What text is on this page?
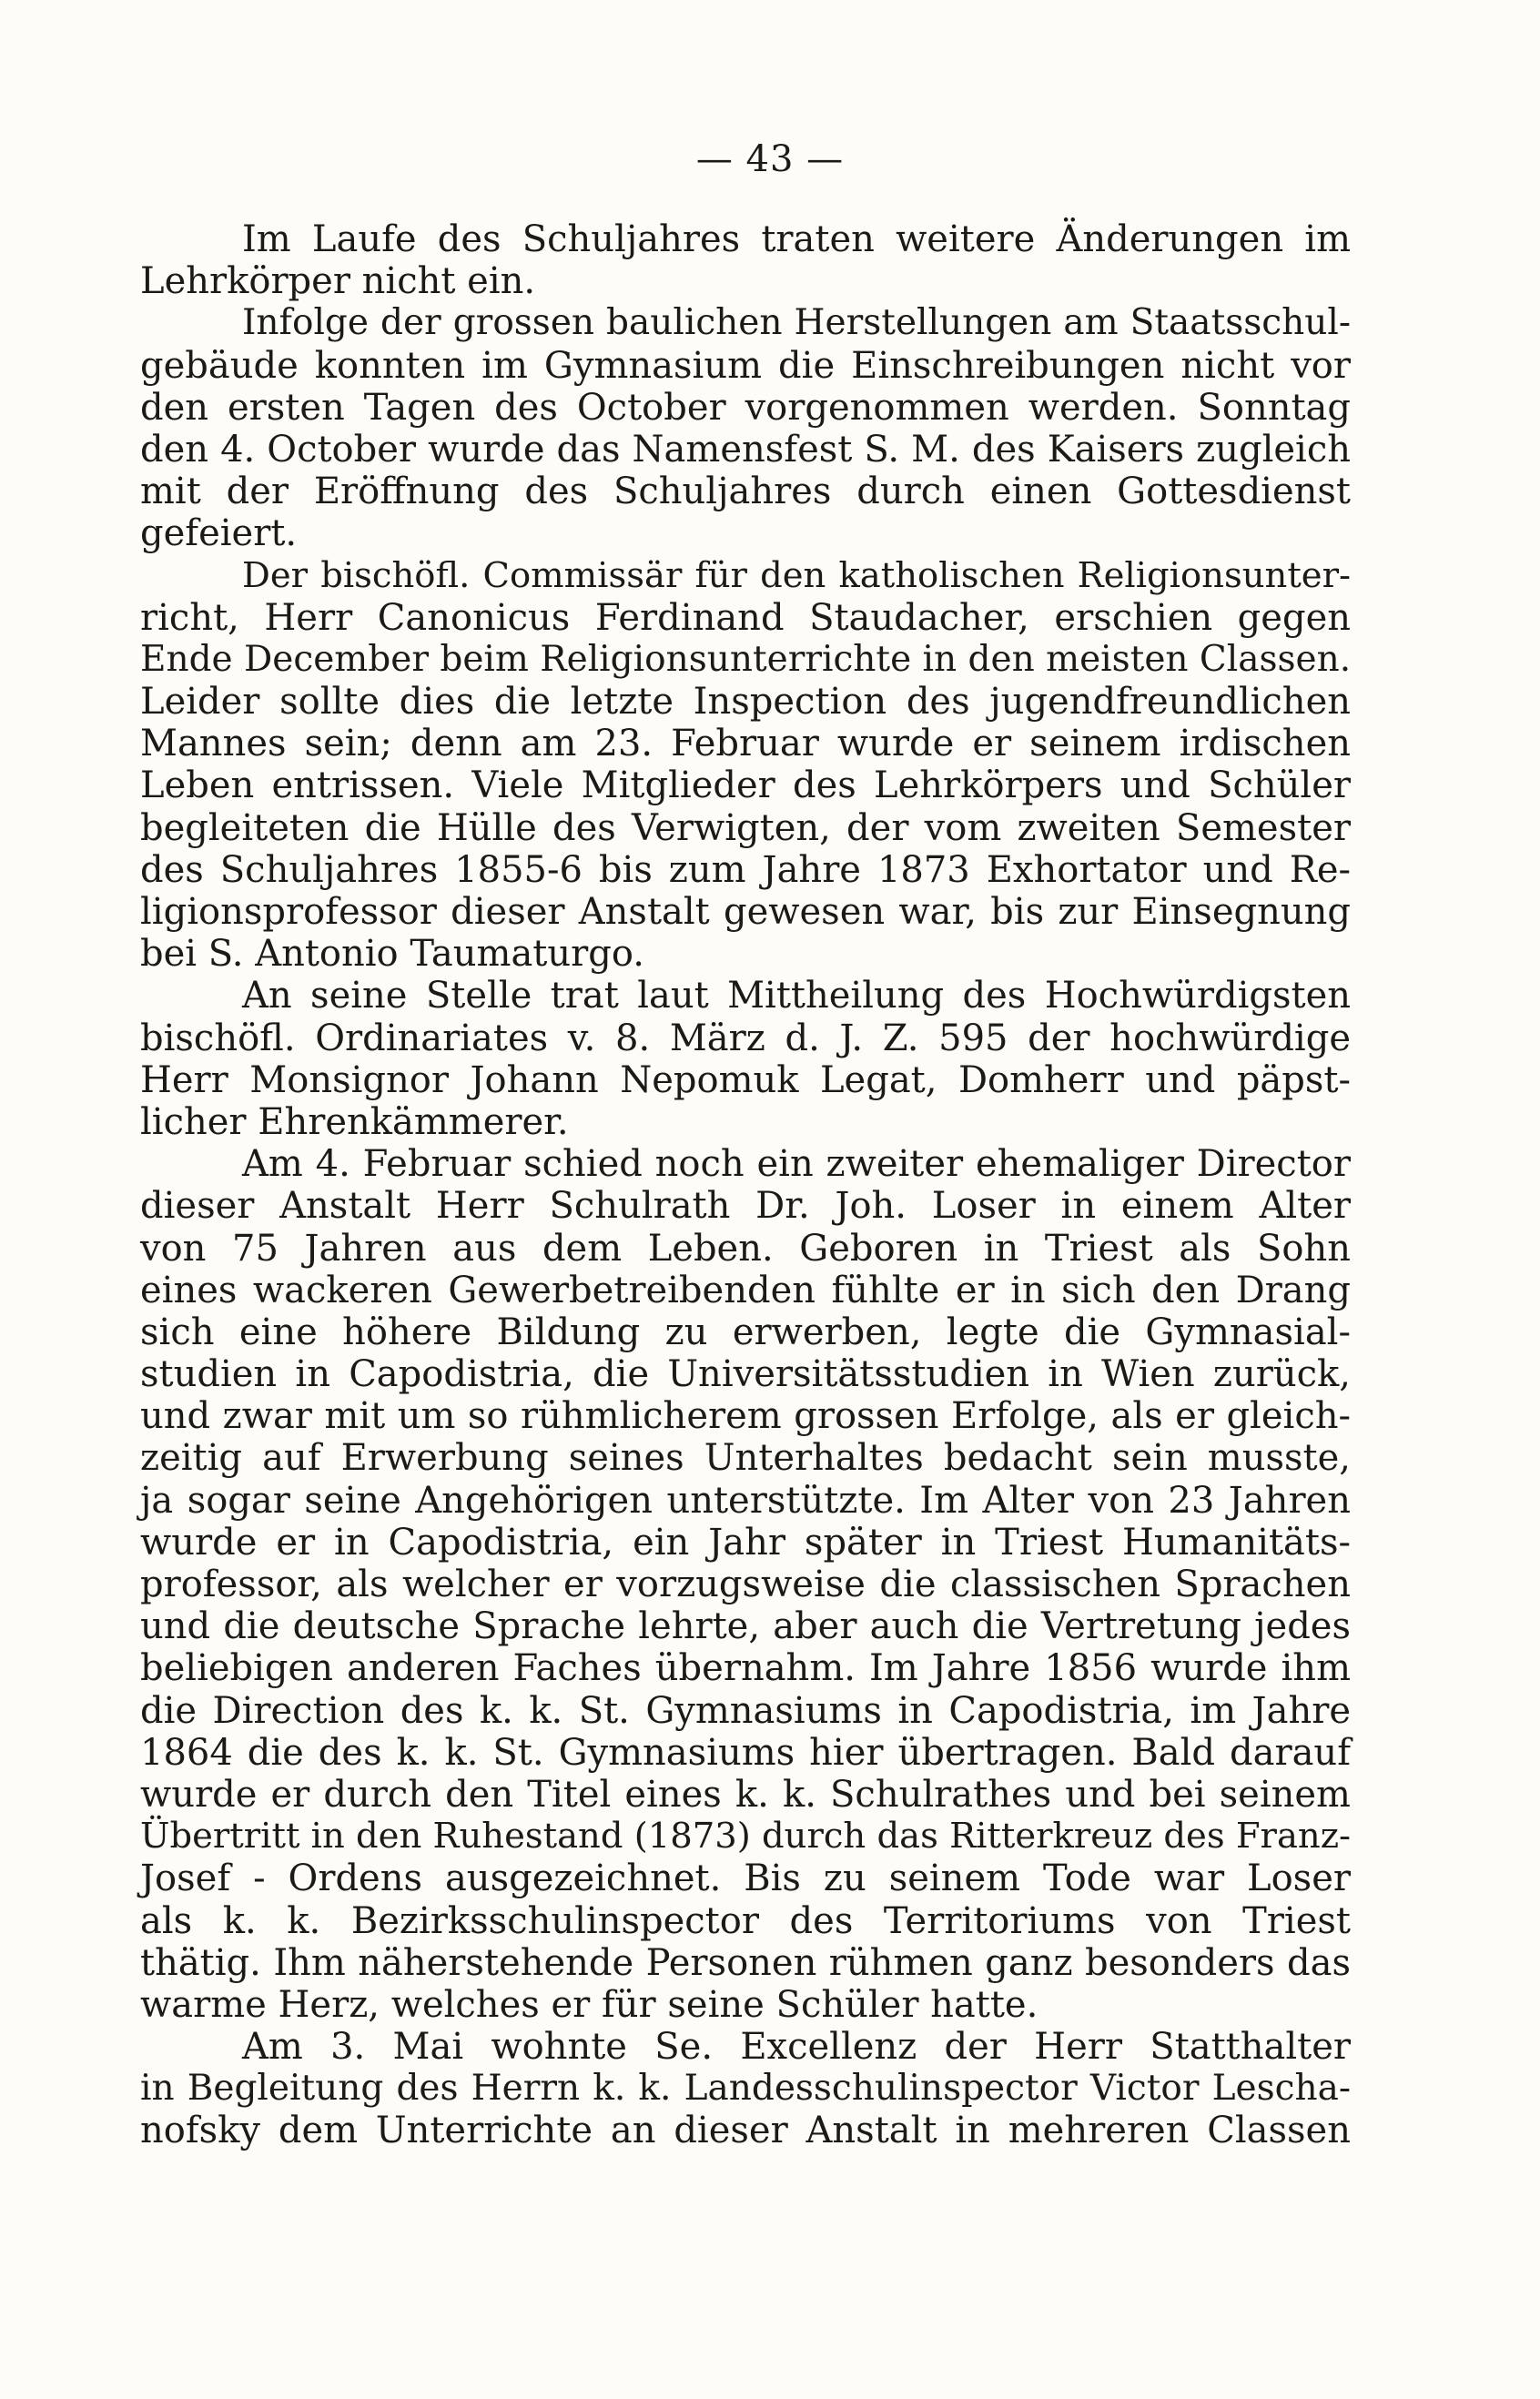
— 43 —
Im Laufe des Schuljahres traten weitere Änderungen im
Lehrkörper nicht ein.
Infolge der grossen baulichen Herstellungen am Staatsschul-
gebäude konnten im Gymnasium die Einschreibungen nicht vor
den ersten Tagen des October vorgenommen werden. Sonntag
den 4. October wurde das Namensfest S. M. des Kaisers zugleich
mit der Eröffnung des Schuljahres durch einen Gottesdienst
gefeiert.
Der bischöfl. Commissär für den katholischen Religionsunter-
richt, Herr Canonicus Ferdinand Staudacher, erschien gegen
Ende December beim Religionsunterrichte in den meisten Classen.
Leider sollte dies die letzte Inspection des jugendfreundlichen
Mannes sein; denn am 23. Februar wurde er seinem irdischen
Leben entrissen. Viele Mitglieder des Lehrkörpers und Schüler
begleiteten die Hülle des Verwigten, der vom zweiten Semester
des Schuljahres 1855-6 bis zum Jahre 1873 Exhortator und Re-
ligionsprofessor dieser Anstalt gewesen war, bis zur Einsegnung
bei S. Antonio Taumaturgo.
An seine Stelle trat laut Mittheilung des Hochwürdigsten
bischöfl. Ordinariates v. 8. März d. J. Z. 595 der hochwürdige
Herr Monsignor Johann Nepomuk Legat, Domherr und päpst-
licher Ehrenkämmerer.
Am 4. Februar schied noch ein zweiter ehemaliger Director
dieser Anstalt Herr Schulrath Dr. Joh. Loser in einem Alter
von 75 Jahren aus dem Leben. Geboren in Triest als Sohn
eines wackeren Gewerbetreibenden fühlte er in sich den Drang
sich eine höhere Bildung zu erwerben, legte die Gymnasial-
studien in Capodistria, die Universitätsstudien in Wien zurück,
und zwar mit um so rühmlicherem grossen Erfolge, als er gleich-
zeitig auf Erwerbung seines Unterhaltes bedacht sein musste,
ja sogar seine Angehörigen unterstützte. Im Alter von 23 Jahren
wurde er in Capodistria, ein Jahr später in Triest Humanitäts-
professor, als welcher er vorzugsweise die classischen Sprachen
und die deutsche Sprache lehrte, aber auch die Vertretung jedes
beliebigen anderen Faches übernahm. Im Jahre 1856 wurde ihm
die Direction des k. k. St. Gymnasiums in Capodistria, im Jahre
1864 die des k. k. St. Gymnasiums hier übertragen. Bald darauf
wurde er durch den Titel eines k. k. Schulrathes und bei seinem
Übertritt in den Ruhestand (1873) durch das Ritterkreuz des Franz-
Josef - Ordens ausgezeichnet. Bis zu seinem Tode war Loser
als k. k. Bezirksschulinspector des Territoriums von Triest
thätig. Ihm näherstehende Personen rühmen ganz besonders das
warme Herz, welches er für seine Schüler hatte.
Am 3. Mai wohnte Se. Excellenz der Herr Statthalter
in Begleitung des Herrn k. k. Landesschulinspector Victor Lescha-
nofsky dem Unterrichte an dieser Anstalt in mehreren Classen
